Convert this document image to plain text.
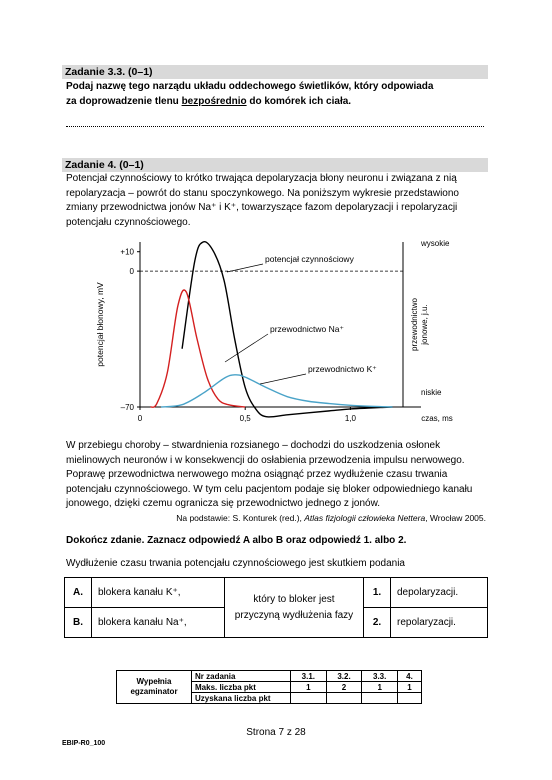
Zadanie 3.3. (0–1)
Podaj nazwę tego narządu układu oddechowego świetlików, który odpowiada
za doprowadzenie tlenu bezpośrednio do komórek ich ciała.
Zadanie 4. (0–1)
Potencjał czynnościowy to krótko trwająca depolaryzacja błony neuronu i związana z nią
repolaryzacja – powrót do stanu spoczynkowego. Na poniższym wykresie przedstawiono
zmiany przewodnictwa jonów Na⁺ i K⁺, towarzyszące fazom depolaryzacji i repolaryzacji
potencjału czynnościowego.
+10
0
–70
0	0,5	1,0	czas, ms
potencjał błonowy, mV
wysokie
niskie
przewodnictwo jonowe, j.u.
potencjał czynnościowy
przewodnictwo Na⁺
przewodnictwo K⁺
W przebiegu choroby – stwardnienia rozsianego – dochodzi do uszkodzenia osłonek
mielinowych neuronów i w konsekwencji do osłabienia przewodzenia impulsu nerwowego.
Poprawę przewodnictwa nerwowego można osiągnąć przez wydłużenie czasu trwania
potencjału czynnościowego. W tym celu pacjentom podaje się bloker odpowiedniego kanału
jonowego, dzięki czemu ogranicza się przewodnictwo jednego z jonów.
Na podstawie: S. Konturek (red.), Atlas fizjologii człowieka Nettera, Wrocław 2005.
Dokończ zdanie. Zaznacz odpowiedź A albo B oraz odpowiedź 1. albo 2.
Wydłużenie czasu trwania potencjału czynnościowego jest skutkiem podania
A.	blokera kanału K⁺,	który to bloker jest przyczyną wydłużenia fazy	1.	depolaryzacji.
B.	blokera kanału Na⁺,		2.	repolaryzacji.
Wypełnia
egzaminator	Nr zadania	3.1.	3.2.	3.3.	4.
	Maks. liczba pkt	1	2	1	1
	Uzyskana liczba pkt				
Strona 7 z 28
EBIP-R0_100
